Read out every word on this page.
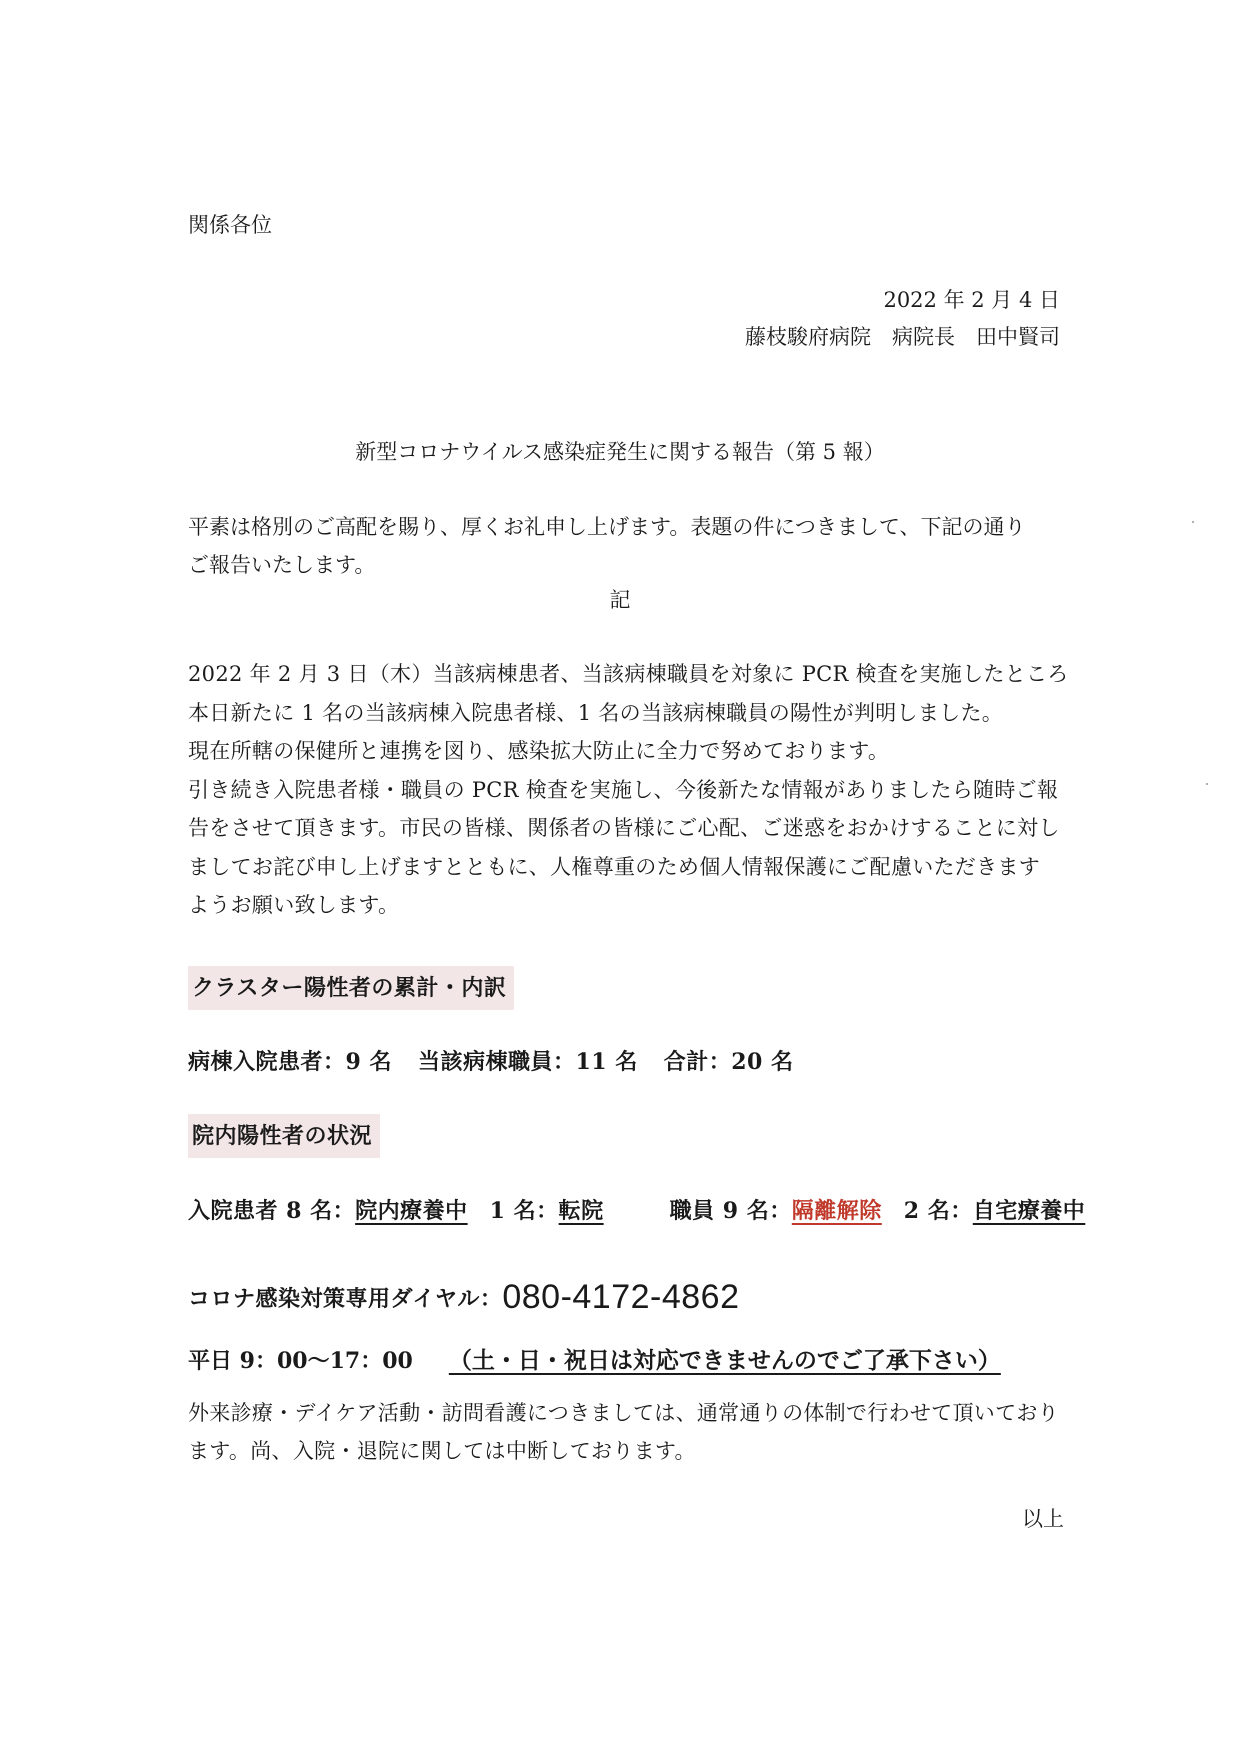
関係各位
2022 年 2 月 4 日
藤枝駿府病院　病院長　田中賢司
新型コロナウイルス感染症発生に関する報告（第 5 報）
平素は格別のご高配を賜り、厚くお礼申し上げます。表題の件につきまして、下記の通り
ご報告いたします。
記
2022 年 2 月 3 日（木）当該病棟患者、当該病棟職員を対象に PCR 検査を実施したところ
本日新たに 1 名の当該病棟入院患者様、1 名の当該病棟職員の陽性が判明しました。
現在所轄の保健所と連携を図り、感染拡大防止に全力で努めております。
引き続き入院患者様・職員の PCR 検査を実施し、今後新たな情報がありましたら随時ご報
告をさせて頂きます。市民の皆様、関係者の皆様にご心配、ご迷惑をおかけすることに対し
ましてお詫び申し上げますとともに、人権尊重のため個人情報保護にご配慮いただきます
ようお願い致します。
クラスター陽性者の累計・内訳
病棟入院患者：9 名 当該病棟職員：11 名 合計：20 名
院内陽性者の状況
入院患者 8 名：院内療養中 1 名：転院	職員 9 名：隔離解除 2 名：自宅療養中
コロナ感染対策専用ダイヤル：080-4172-4862
平日 9：00～17：00 （土・日・祝日は対応できませんのでご了承下さい）
外来診療・デイケア活動・訪問看護につきましては、通常通りの体制で行わせて頂いており
ます。尚、入院・退院に関しては中断しております。
以上
